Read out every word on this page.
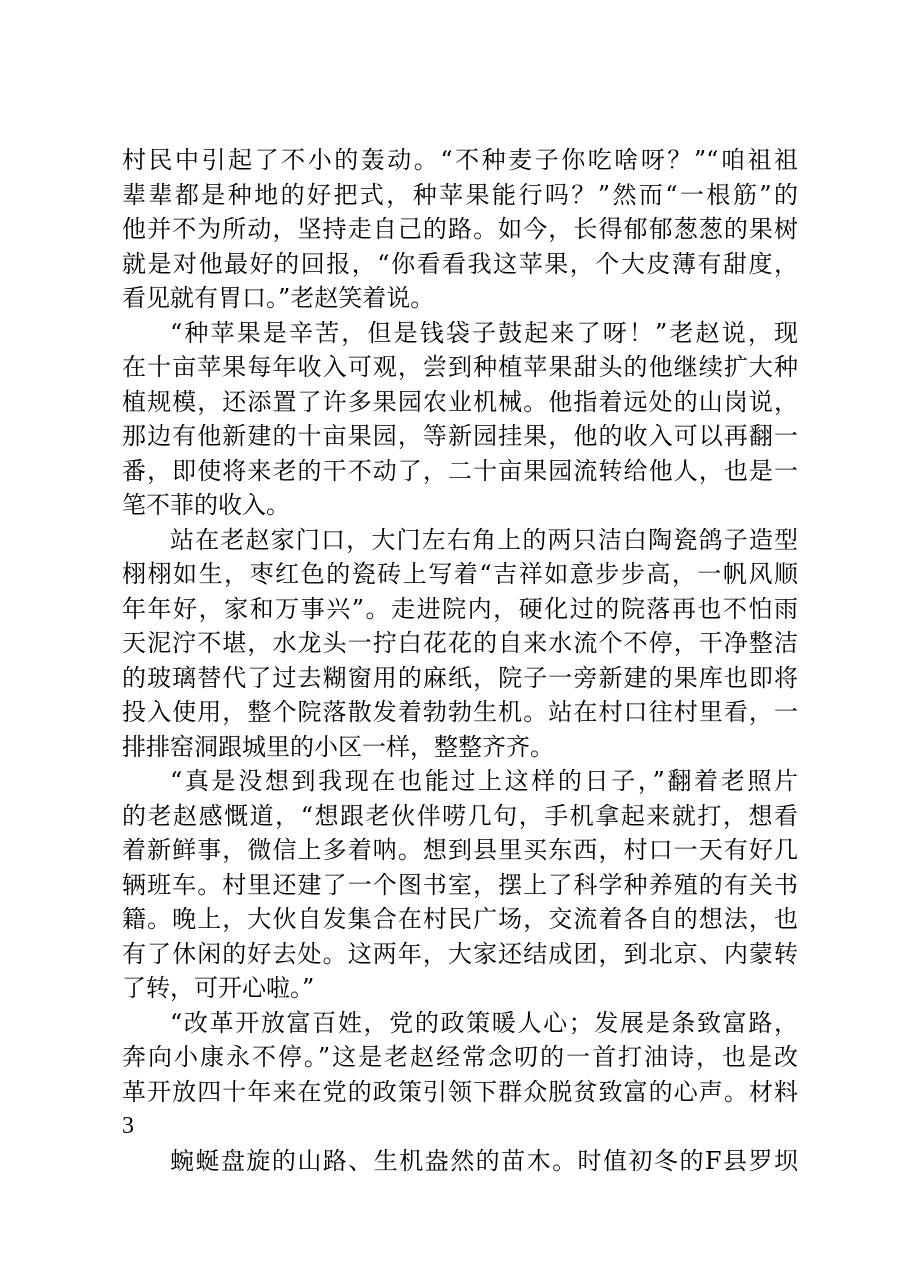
村民中引起了不小的轰动。“不种麦子你吃啥呀？”“咱祖祖
辈辈都是种地的好把式，种苹果能行吗？”然而“一根筋”的
他并不为所动，坚持走自己的路。如今，长得郁郁葱葱的果树
就是对他最好的回报，“你看看我这苹果，个大皮薄有甜度，
看见就有胃口。”老赵笑着说。
“种苹果是辛苦，但是钱袋子鼓起来了呀！”老赵说，现
在十亩苹果每年收入可观，尝到种植苹果甜头的他继续扩大种
植规模，还添置了许多果园农业机械。他指着远处的山岗说，
那边有他新建的十亩果园，等新园挂果，他的收入可以再翻一
番，即使将来老的干不动了，二十亩果园流转给他人，也是一
笔不菲的收入。
站在老赵家门口，大门左右角上的两只洁白陶瓷鸽子造型
栩栩如生，枣红色的瓷砖上写着“吉祥如意步步高，一帆风顺
年年好，家和万事兴”。走进院内，硬化过的院落再也不怕雨
天泥泞不堪，水龙头一拧白花花的自来水流个不停，干净整洁
的玻璃替代了过去糊窗用的麻纸，院子一旁新建的果库也即将
投入使用，整个院落散发着勃勃生机。站在村口往村里看，一
排排窑洞跟城里的小区一样，整整齐齐。
“真是没想到我现在也能过上这样的日子，”翻着老照片
的老赵感慨道，“想跟老伙伴唠几句，手机拿起来就打，想看
着新鲜事，微信上多着呐。想到县里买东西，村口一天有好几
辆班车。村里还建了一个图书室，摆上了科学种养殖的有关书
籍。晚上，大伙自发集合在村民广场，交流着各自的想法，也
有了休闲的好去处。这两年，大家还结成团，到北京、内蒙转
了转，可开心啦。”
“改革开放富百姓，党的政策暖人心；发展是条致富路，
奔向小康永不停。”这是老赵经常念叨的一首打油诗，也是改
革开放四十年来在党的政策引领下群众脱贫致富的心声。材料
3
蜿蜒盘旋的山路、生机盎然的苗木。时值初冬的F县罗坝
